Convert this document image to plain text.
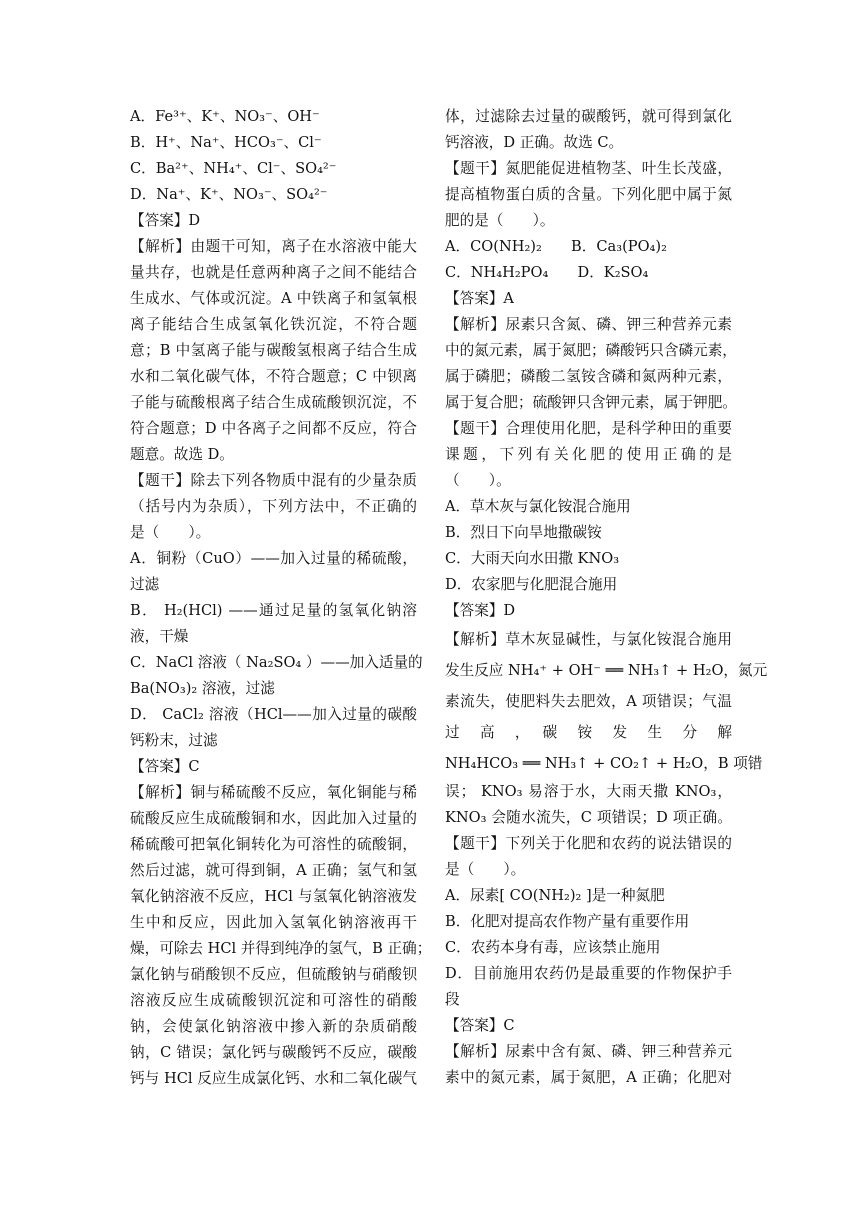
A．Fe³⁺、K⁺、NO₃⁻、OH⁻
B．H⁺、Na⁺、HCO₃⁻、Cl⁻
C．Ba²⁺、NH₄⁺、Cl⁻、SO₄²⁻
D．Na⁺、K⁺、NO₃⁻、SO₄²⁻
【答案】D
【解析】由题干可知，离子在水溶液中能大
量共存，也就是任意两种离子之间不能结合
生成水、气体或沉淀。A 中铁离子和氢氧根
离子能结合生成氢氧化铁沉淀，不符合题
意；B 中氢离子能与碳酸氢根离子结合生成
水和二氧化碳气体，不符合题意；C 中钡离
子能与硫酸根离子结合生成硫酸钡沉淀，不
符合题意；D 中各离子之间都不反应，符合
题意。故选 D。
【题干】除去下列各物质中混有的少量杂质
（括号内为杂质），下列方法中，不正确的
是（　　）。
A．铜粉（CuO）——加入过量的稀硫酸，
过滤
B． H₂(HCl) ——通过足量的氢氧化钠溶
液，干燥
C．NaCl 溶液（ Na₂SO₄ ）——加入适量的
Ba(NO₃)₂ 溶液，过滤
D． CaCl₂ 溶液（HCl——加入过量的碳酸
钙粉末，过滤
【答案】C
【解析】铜与稀硫酸不反应，氧化铜能与稀
硫酸反应生成硫酸铜和水，因此加入过量的
稀硫酸可把氧化铜转化为可溶性的硫酸铜，
然后过滤，就可得到铜，A 正确；氢气和氢
氧化钠溶液不反应，HCl 与氢氧化钠溶液发
生中和反应，因此加入氢氧化钠溶液再干
燥，可除去 HCl 并得到纯净的氢气，B 正确；
氯化钠与硝酸钡不反应，但硫酸钠与硝酸钡
溶液反应生成硫酸钡沉淀和可溶性的硝酸
钠，会使氯化钠溶液中掺入新的杂质硝酸
钠，C 错误；氯化钙与碳酸钙不反应，碳酸
钙与 HCl 反应生成氯化钙、水和二氧化碳气
体，过滤除去过量的碳酸钙，就可得到氯化
钙溶液，D 正确。故选 C。
【题干】氮肥能促进植物茎、叶生长茂盛，
提高植物蛋白质的含量。下列化肥中属于氮
肥的是（　　）。
A．CO(NH₂)₂　　B．Ca₃(PO₄)₂
C．NH₄H₂PO₄　　D．K₂SO₄
【答案】A
【解析】尿素只含氮、磷、钾三种营养元素
中的氮元素，属于氮肥；磷酸钙只含磷元素，
属于磷肥；磷酸二氢铵含磷和氮两种元素，
属于复合肥；硫酸钾只含钾元素，属于钾肥。
【题干】合理使用化肥，是科学种田的重要
课题，下列有关化肥的使用正确的是
（　　）。
A．草木灰与氯化铵混合施用
B．烈日下向旱地撒碳铵
C．大雨天向水田撒 KNO₃
D．农家肥与化肥混合施用
【答案】D
【解析】草木灰显碱性，与氯化铵混合施用
发生反应 NH₄⁺ + OH⁻ ══ NH₃↑ + H₂O，氮元
素流失，使肥料失去肥效，A 项错误；气温
过　高　，　碳　铵　发　生　分　解
NH₄HCO₃ ══ NH₃↑ + CO₂↑ + H₂O，B 项错
误； KNO₃ 易溶于水，大雨天撒 KNO₃，
KNO₃ 会随水流失，C 项错误；D 项正确。
【题干】下列关于化肥和农药的说法错误的
是（　　）。
A．尿素[ CO(NH₂)₂ ]是一种氮肥
B．化肥对提高农作物产量有重要作用
C．农药本身有毒，应该禁止施用
D．目前施用农药仍是最重要的作物保护手
段
【答案】C
【解析】尿素中含有氮、磷、钾三种营养元
素中的氮元素，属于氮肥，A 正确；化肥对
